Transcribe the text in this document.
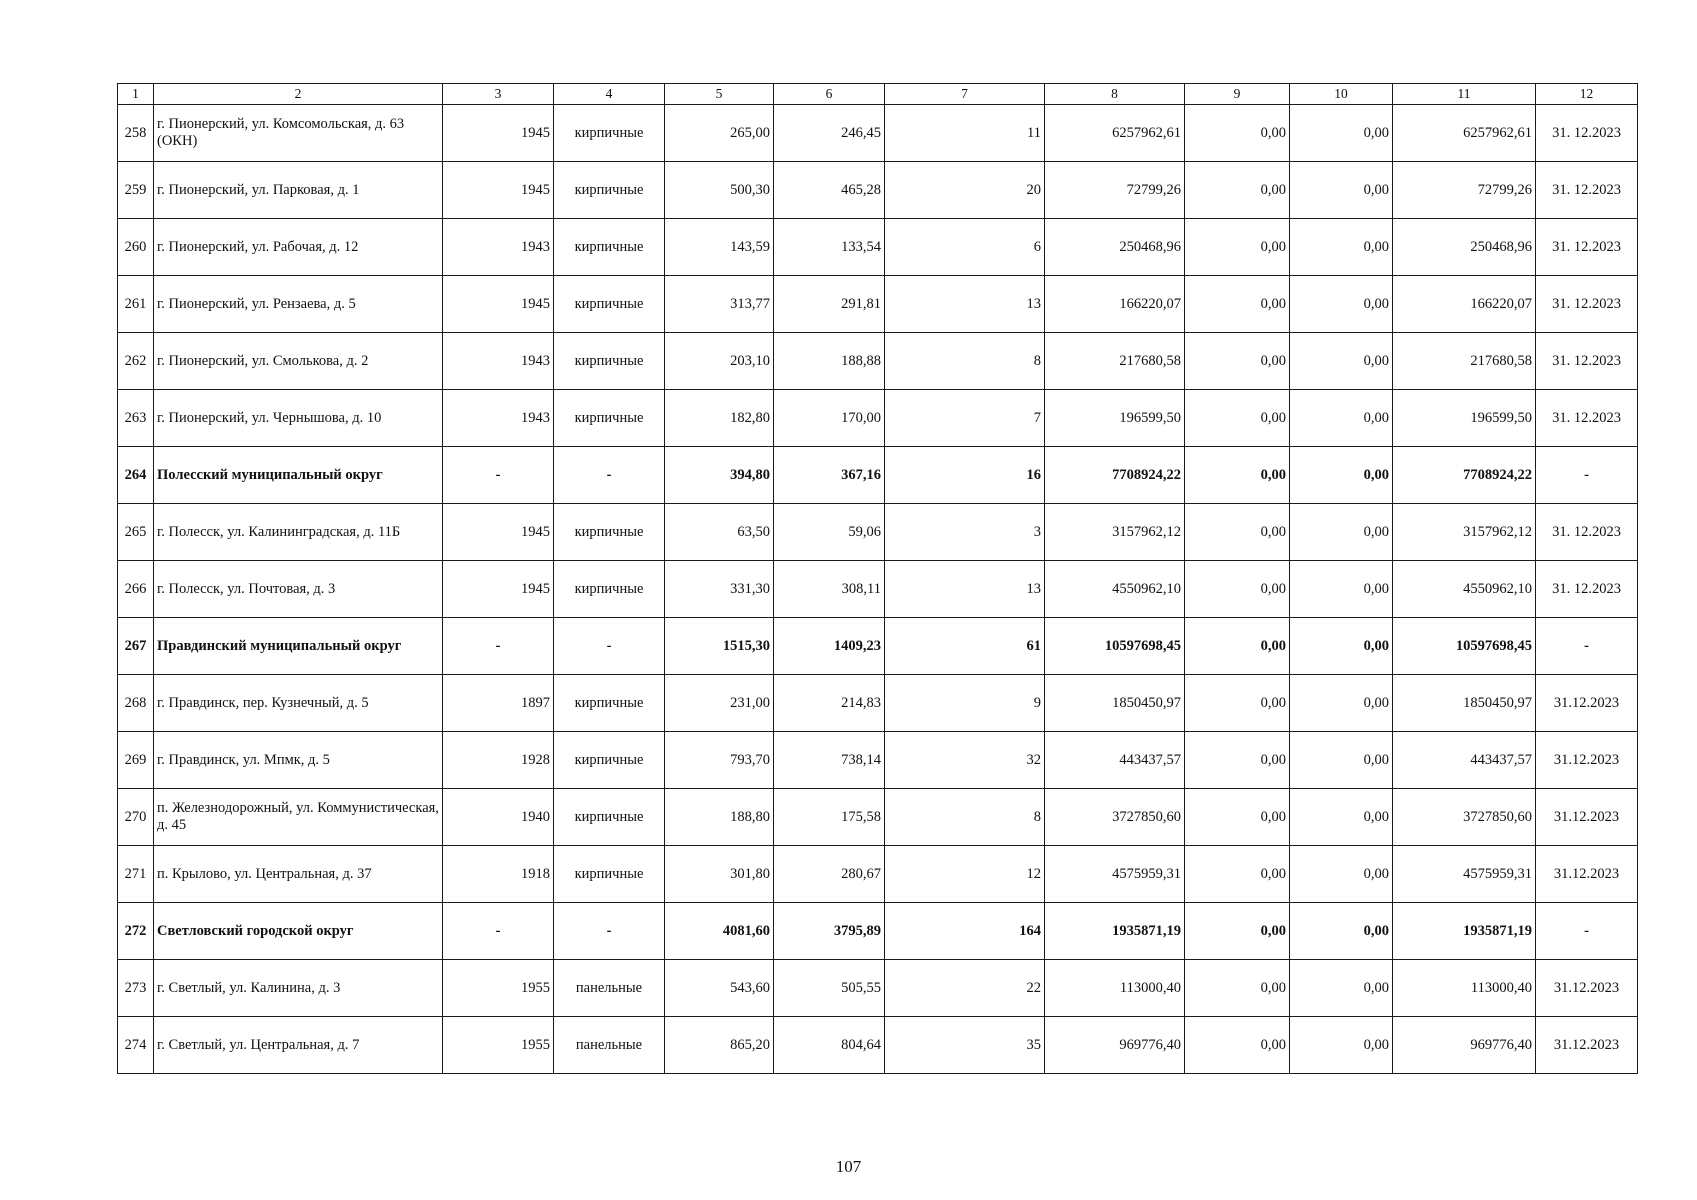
1	2	3	4	5	6	7	8	9	10	11	12
258	г. Пионерский, ул. Комсомольская, д. 63 (ОКН)	1945	кирпичные	265,00	246,45	11	6257962,61	0,00	0,00	6257962,61	31. 12.2023
259	г. Пионерский, ул. Парковая, д. 1	1945	кирпичные	500,30	465,28	20	72799,26	0,00	0,00	72799,26	31. 12.2023
260	г. Пионерский, ул. Рабочая, д. 12	1943	кирпичные	143,59	133,54	6	250468,96	0,00	0,00	250468,96	31. 12.2023
261	г. Пионерский, ул. Рензаева, д. 5	1945	кирпичные	313,77	291,81	13	166220,07	0,00	0,00	166220,07	31. 12.2023
262	г. Пионерский, ул. Смолькова, д. 2	1943	кирпичные	203,10	188,88	8	217680,58	0,00	0,00	217680,58	31. 12.2023
263	г. Пионерский, ул. Чернышова, д. 10	1943	кирпичные	182,80	170,00	7	196599,50	0,00	0,00	196599,50	31. 12.2023
264	Полесский муниципальный округ	-	-	394,80	367,16	16	7708924,22	0,00	0,00	7708924,22	-
265	г. Полесск, ул. Калининградская, д. 11Б	1945	кирпичные	63,50	59,06	3	3157962,12	0,00	0,00	3157962,12	31. 12.2023
266	г. Полесск, ул. Почтовая, д. 3	1945	кирпичные	331,30	308,11	13	4550962,10	0,00	0,00	4550962,10	31. 12.2023
267	Правдинский муниципальный округ	-	-	1515,30	1409,23	61	10597698,45	0,00	0,00	10597698,45	-
268	г. Правдинск, пер. Кузнечный, д. 5	1897	кирпичные	231,00	214,83	9	1850450,97	0,00	0,00	1850450,97	31.12.2023
269	г. Правдинск, ул. Мпмк, д. 5	1928	кирпичные	793,70	738,14	32	443437,57	0,00	0,00	443437,57	31.12.2023
270	п. Железнодорожный, ул. Коммунистическая, д. 45	1940	кирпичные	188,80	175,58	8	3727850,60	0,00	0,00	3727850,60	31.12.2023
271	п. Крылово, ул. Центральная, д. 37	1918	кирпичные	301,80	280,67	12	4575959,31	0,00	0,00	4575959,31	31.12.2023
272	Светловский городской округ	-	-	4081,60	3795,89	164	1935871,19	0,00	0,00	1935871,19	-
273	г. Светлый, ул. Калинина, д. 3	1955	панельные	543,60	505,55	22	113000,40	0,00	0,00	113000,40	31.12.2023
274	г. Светлый, ул. Центральная, д. 7	1955	панельные	865,20	804,64	35	969776,40	0,00	0,00	969776,40	31.12.2023
107
